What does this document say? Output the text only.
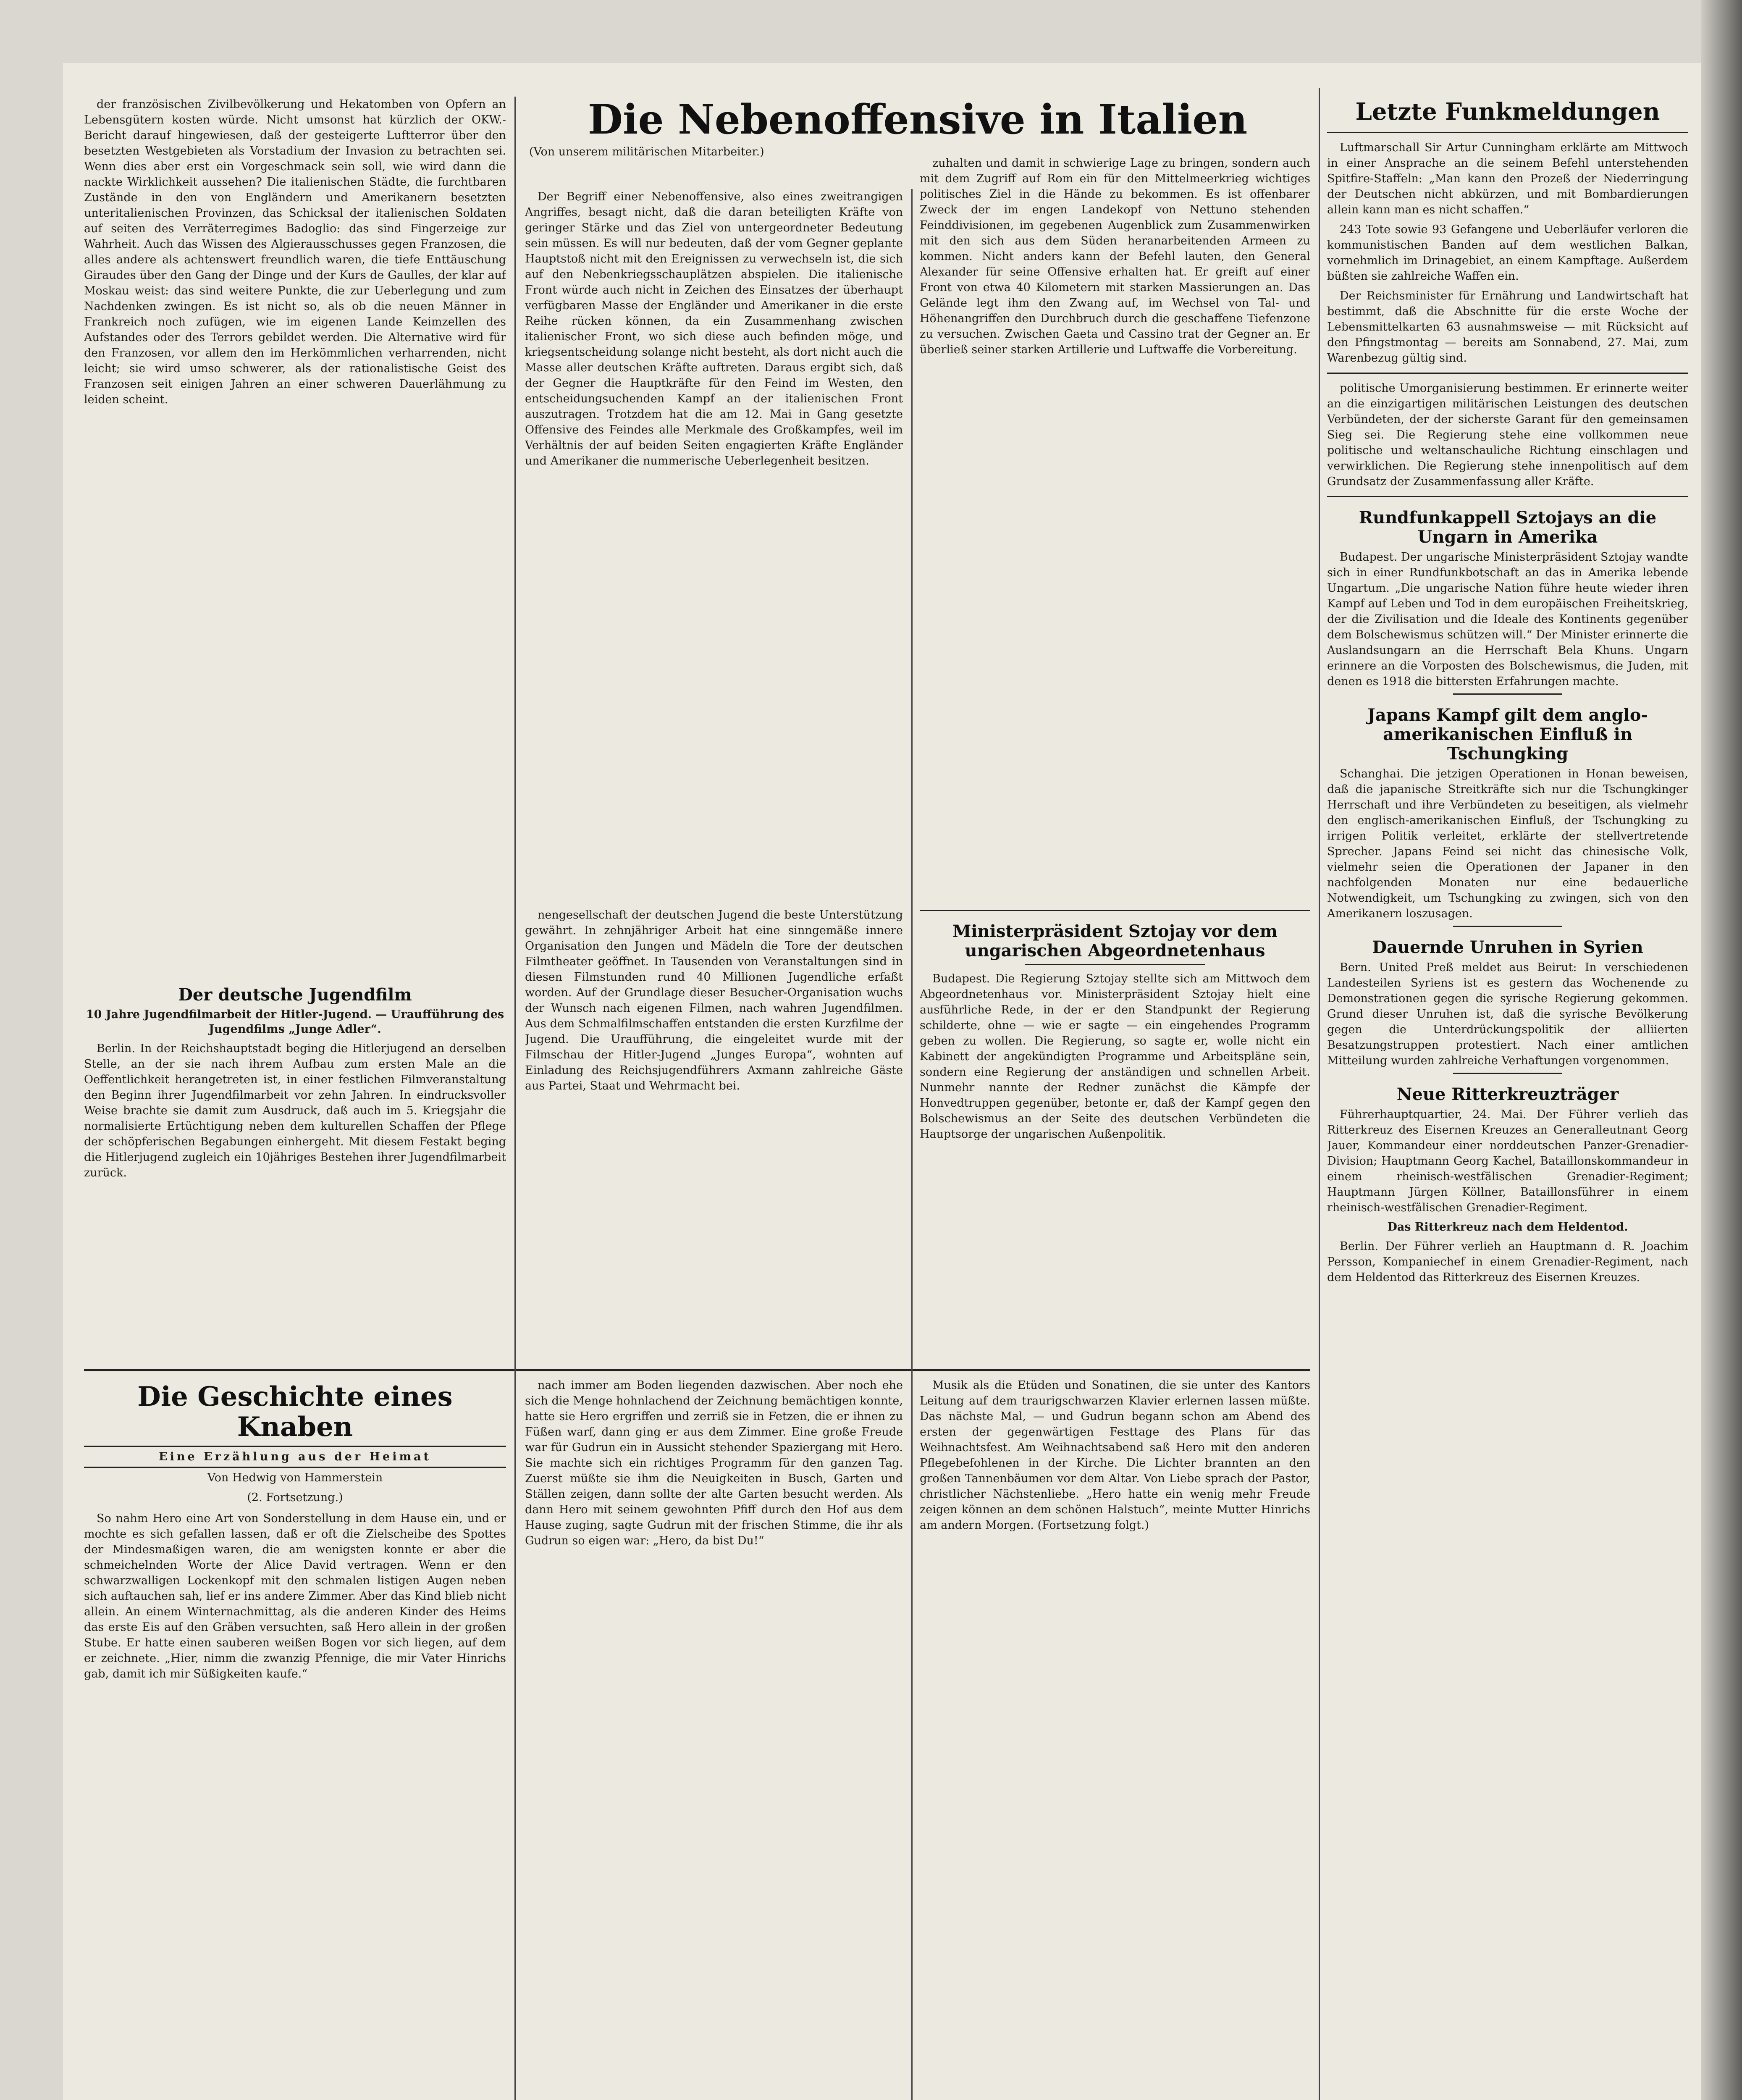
der französischen Zivilbevölkerung und Hekatomben von Opfern an Lebensgütern kosten würde. Nicht umsonst hat kürzlich der OKW.-Bericht darauf hingewiesen, daß der gesteigerte Luftterror über den besetzten Westgebieten als Vorstadium der Invasion zu betrachten sei. Wenn dies aber erst ein Vorgeschmack sein soll, wie wird dann die nackte Wirklichkeit aussehen? Die italienischen Städte, die furchtbaren Zustände in den von Engländern und Amerikanern besetzten unteritalienischen Provinzen, das Schicksal der italienischen Soldaten auf seiten des Verräterregimes Badoglio: das sind Fingerzeige zur Wahrheit. Auch das Wissen des Algierausschusses gegen Franzosen, die alles andere als achtenswert freundlich waren, die tiefe Enttäuschung Giraudes über den Gang der Dinge und der Kurs de Gaulles, der klar auf Moskau weist: das sind weitere Punkte, die zur Ueberlegung und zum Nachdenken zwingen. Es ist nicht so, als ob die neuen Männer in Frankreich noch zufügen, wie im eigenen Lande Keimzellen des Aufstandes oder des Terrors gebildet werden. Die Alternative wird für den Franzosen, vor allem den im Herkömmlichen verharrenden, nicht leicht; sie wird umso schwerer, als der rationalistische Geist des Franzosen seit einigen Jahren an einer schweren Dauerlähmung zu leiden scheint.

Der deutsche Jugendfilm
10 Jahre Jugendfilmarbeit der Hitler-Jugend. — Uraufführung des Jugendfilms „Junge Adler“.

Berlin. In der Reichshauptstadt beging die Hitlerjugend an derselben Stelle, an der sie nach ihrem Aufbau zum ersten Male an die Oeffentlichkeit herangetreten ist, in einer festlichen Filmveranstaltung den Beginn ihrer Jugendfilmarbeit vor zehn Jahren. In eindrucksvoller Weise brachte sie damit zum Ausdruck, daß auch im 5. Kriegsjahr die normalisierte Ertüchtigung neben dem kulturellen Schaffen der Pflege der schöpferischen Begabungen einhergeht. Mit diesem Festakt beging die Hitlerjugend zugleich ein 10jähriges Bestehen ihrer Jugendfilmarbeit zurück.

Die Nebenoffensive in Italien
(Von unserem militärischen Mitarbeiter.)

Der Begriff einer Nebenoffensive, also eines zweitrangigen Angriffes, besagt nicht, daß die daran beteiligten Kräfte von geringer Stärke und das Ziel von untergeordneter Bedeutung sein müssen. Es will nur bedeuten, daß der vom Gegner geplante Hauptstoß nicht mit den Ereignissen zu verwechseln ist, die sich auf den Nebenkriegsschauplätzen abspielen. Die italienische Front würde auch nicht in Zeichen des Einsatzes der überhaupt verfügbaren Masse der Engländer und Amerikaner in die erste Reihe rücken können, da ein Zusammenhang zwischen italienischer Front, wo sich diese auch befinden möge, und kriegsentscheidung solange nicht besteht, als dort nicht auch die Masse aller deutschen Kräfte auftreten. Daraus ergibt sich, daß der Gegner die Hauptkräfte für den Feind im Westen, den entscheidungsuchenden Kampf an der italienischen Front auszutragen. Trotzdem hat die am 12. Mai in Gang gesetzte Offensive des Feindes alle Merkmale des Großkampfes, weil im Verhältnis der auf beiden Seiten engagierten Kräfte Engländer und Amerikaner die nummerische Ueberlegenheit besitzen.

zuhalten und damit in schwierige Lage zu bringen, sondern auch mit dem Zugriff auf Rom ein für den Mittelmeerkrieg wichtiges politisches Ziel in die Hände zu bekommen. Es ist offenbarer Zweck der im engen Landekopf von Nettuno stehenden Feinddivisionen, im gegebenen Augenblick zum Zusammenwirken mit den sich aus dem Süden heranarbeitenden Armeen zu kommen. Nicht anders kann der Befehl lauten, den General Alexander für seine Offensive erhalten hat. Er greift auf einer Front von etwa 40 Kilometern mit starken Massierungen an. Das Gelände legt ihm den Zwang auf, im Wechsel von Tal- und Höhenangriffen den Durchbruch durch die geschaffene Tiefenzone zu versuchen. Zwischen Gaeta und Cassino trat der Gegner an. Er überließ seiner starken Artillerie und Luftwaffe die Vorbereitung.

nengesellschaft der deutschen Jugend die beste Unterstützung gewährt. In zehnjähriger Arbeit hat eine sinngemäße innere Organisation den Jungen und Mädeln die Tore der deutschen Filmtheater geöffnet. In Tausenden von Veranstaltungen sind in diesen Filmstunden rund 40 Millionen Jugendliche erfaßt worden. Auf der Grundlage dieser Besucher-Organisation wuchs der Wunsch nach eigenen Filmen, nach wahren Jugendfilmen. Aus dem Schmalfilmschaffen entstanden die ersten Kurzfilme der Jugend. Die Uraufführung, die eingeleitet wurde mit der Filmschau der Hitler-Jugend „Junges Europa“, wohnten auf Einladung des Reichsjugendführers Axmann zahlreiche Gäste aus Partei, Staat und Wehrmacht bei.

Ministerpräsident Sztojay vor dem ungarischen Abgeordnetenhaus

Budapest. Die Regierung Sztojay stellte sich am Mittwoch dem Abgeordnetenhaus vor. Ministerpräsident Sztojay hielt eine ausführliche Rede, in der er den Standpunkt der Regierung schilderte, ohne — wie er sagte — ein eingehendes Programm geben zu wollen. Die Regierung, so sagte er, wolle nicht ein Kabinett der angekündigten Programme und Arbeitspläne sein, sondern eine Regierung der anständigen und schnellen Arbeit. Nunmehr nannte der Redner zunächst die Kämpfe der Honvedtruppen gegenüber, betonte er, daß der Kampf gegen den Bolschewismus an der Seite des deutschen Verbündeten die Hauptsorge der ungarischen Außenpolitik.

Letzte Funkmeldungen

Luftmarschall Sir Artur Cunningham erklärte am Mittwoch in einer Ansprache an die seinem Befehl unterstehenden Spitfire-Staffeln: „Man kann den Prozeß der Niederringung der Deutschen nicht abkürzen, und mit Bombardierungen allein kann man es nicht schaffen.“

243 Tote sowie 93 Gefangene und Ueberläufer verloren die kommunistischen Banden auf dem westlichen Balkan, vornehmlich im Drinagebiet, an einem Kampftage. Außerdem büßten sie zahlreiche Waffen ein.

Der Reichsminister für Ernährung und Landwirtschaft hat bestimmt, daß die Abschnitte für die erste Woche der Lebensmittelkarten 63 ausnahmsweise — mit Rücksicht auf den Pfingstmontag — bereits am Sonnabend, 27. Mai, zum Warenbezug gültig sind.

politische Umorganisierung bestimmen. Er erinnerte weiter an die einzigartigen militärischen Leistungen des deutschen Verbündeten, der der sicherste Garant für den gemeinsamen Sieg sei. Die Regierung stehe eine vollkommen neue politische und weltanschauliche Richtung einschlagen und verwirklichen. Die Regierung stehe innenpolitisch auf dem Grundsatz der Zusammenfassung aller Kräfte.

Rundfunkappell Sztojays an die Ungarn in Amerika

Budapest. Der ungarische Ministerpräsident Sztojay wandte sich in einer Rundfunkbotschaft an das in Amerika lebende Ungartum. „Die ungarische Nation führe heute wieder ihren Kampf auf Leben und Tod in dem europäischen Freiheitskrieg, der die Zivilisation und die Ideale des Kontinents gegenüber dem Bolschewismus schützen will.“ Der Minister erinnerte die Auslandsungarn an die Herrschaft Bela Khuns. Ungarn erinnere an die Vorposten des Bolschewismus, die Juden, mit denen es 1918 die bittersten Erfahrungen machte.

Japans Kampf gilt dem anglo-amerikanischen Einfluß in Tschungking

Schanghai. Die jetzigen Operationen in Honan beweisen, daß die japanische Streitkräfte sich nur die Tschungkinger Herrschaft und ihre Verbündeten zu beseitigen, als vielmehr den englisch-amerikanischen Einfluß, der Tschungking zu irrigen Politik verleitet, erklärte der stellvertretende Sprecher. Japans Feind sei nicht das chinesische Volk, vielmehr seien die Operationen der Japaner in den nachfolgenden Monaten nur eine bedauerliche Notwendigkeit, um Tschungking zu zwingen, sich von den Amerikanern loszusagen.

Dauernde Unruhen in Syrien

Bern. United Preß meldet aus Beirut: In verschiedenen Landesteilen Syriens ist es gestern das Wochenende zu Demonstrationen gegen die syrische Regierung gekommen. Grund dieser Unruhen ist, daß die syrische Bevölkerung gegen die Unterdrückungspolitik der alliierten Besatzungstruppen protestiert. Nach einer amtlichen Mitteilung wurden zahlreiche Verhaftungen vorgenommen.

Neue Ritterkreuzträger

Führerhauptquartier, 24. Mai. Der Führer verlieh das Ritterkreuz des Eisernen Kreuzes an Generalleutnant Georg Jauer, Kommandeur einer norddeutschen Panzer-Grenadier-Division; Hauptmann Georg Kachel, Bataillonskommandeur in einem rheinisch-westfälischen Grenadier-Regiment; Hauptmann Jürgen Köllner, Bataillonsführer in einem rheinisch-westfälischen Grenadier-Regiment.

Das Ritterkreuz nach dem Heldentod.

Berlin. Der Führer verlieh an Hauptmann d. R. Joachim Persson, Kompaniechef in einem Grenadier-Regiment, nach dem Heldentod das Ritterkreuz des Eisernen Kreuzes.

Die Geschichte eines Knaben
Eine Erzählung aus der Heimat
Von Hedwig von Hammerstein
(2. Fortsetzung.)

So nahm Hero eine Art von Sonderstellung in dem Hause ein, und er mochte es sich gefallen lassen, daß er oft die Zielscheibe des Spottes der Mindesmaßigen waren, die am wenigsten konnte er aber die schmeichelnden Worte der Alice David vertragen. Wenn er den schwarzwalligen Lockenkopf mit den schmalen listigen Augen neben sich auftauchen sah, lief er ins andere Zimmer. Aber das Kind blieb nicht allein. An einem Winternachmittag, als die anderen Kinder des Heims das erste Eis auf den Gräben versuchten, saß Hero allein in der großen Stube. Er hatte einen sauberen weißen Bogen vor sich liegen, auf dem er zeichnete. „Hier, nimm die zwanzig Pfennige, die mir Vater Hinrichs gab, damit ich mir Süßigkeiten kaufe.“

nach immer am Boden liegenden dazwischen. Aber noch ehe sich die Menge hohnlachend der Zeichnung bemächtigen konnte, hatte sie Hero ergriffen und zerriß sie in Fetzen, die er ihnen zu Füßen warf, dann ging er aus dem Zimmer. Eine große Freude war für Gudrun ein in Aussicht stehender Spaziergang mit Hero. Sie machte sich ein richtiges Programm für den ganzen Tag. Zuerst müßte sie ihm die Neuigkeiten in Busch, Garten und Ställen zeigen, dann sollte der alte Garten besucht werden. Als dann Hero mit seinem gewohnten Pfiff durch den Hof aus dem Hause zuging, sagte Gudrun mit der frischen Stimme, die ihr als Gudrun so eigen war: „Hero, da bist Du!“

Musik als die Etüden und Sonatinen, die sie unter des Kantors Leitung auf dem traurigschwarzen Klavier erlernen lassen müßte. Das nächste Mal, — und Gudrun begann schon am Abend des ersten der gegenwärtigen Festtage des Plans für das Weihnachtsfest. Am Weihnachtsabend saß Hero mit den anderen Pflegebefohlenen in der Kirche. Die Lichter brannten an den großen Tannenbäumen vor dem Altar. Von Liebe sprach der Pastor, christlicher Nächstenliebe. „Hero hatte ein wenig mehr Freude zeigen können an dem schönen Halstuch“, meinte Mutter Hinrichs am andern Morgen. (Fortsetzung folgt.)
